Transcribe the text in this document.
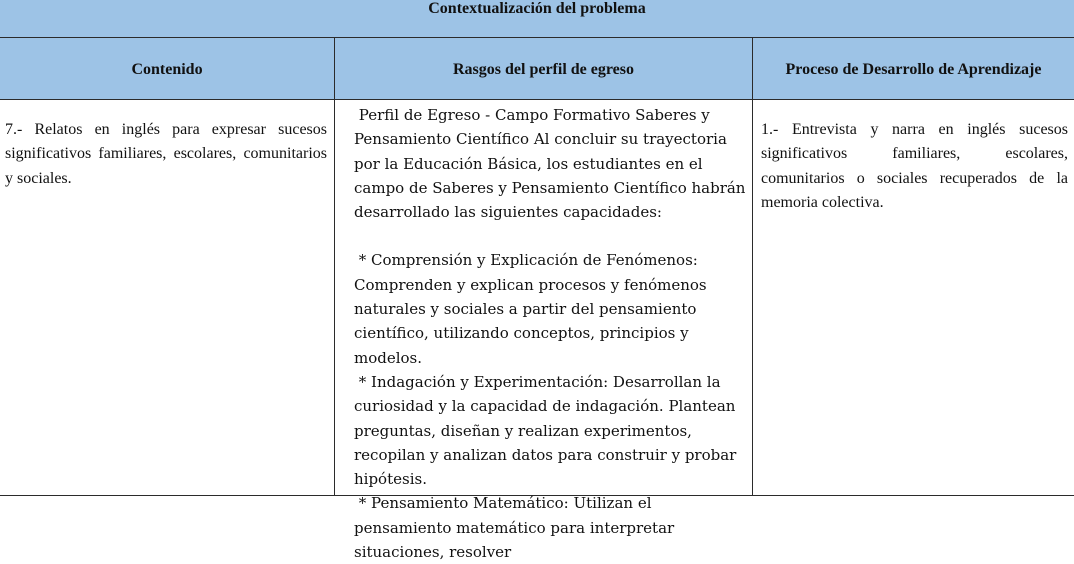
Contextualización del problema
Contenido	Rasgos del perfil de egreso	Proceso de Desarrollo de Aprendizaje
7.- Relatos en inglés para expresar sucesos significativos familiares, escolares, comunitarios y sociales.

Perfil de Egreso - Campo Formativo Saberes y Pensamiento Científico Al concluir su trayectoria por la Educación Básica, los estudiantes en el campo de Saberes y Pensamiento Científico habrán desarrollado las siguientes capacidades:

* Comprensión y Explicación de Fenómenos: Comprenden y explican procesos y fenómenos naturales y sociales a partir del pensamiento científico, utilizando conceptos, principios y modelos.

* Indagación y Experimentación: Desarrollan la curiosidad y la capacidad de indagación. Plantean preguntas, diseñan y realizan experimentos, recopilan y analizan datos para construir y probar hipótesis.

* Pensamiento Matemático: Utilizan el pensamiento matemático para interpretar situaciones, resolver

1.- Entrevista y narra en inglés sucesos significativos familiares, escolares, comunitarios o sociales recuperados de la memoria colectiva.
